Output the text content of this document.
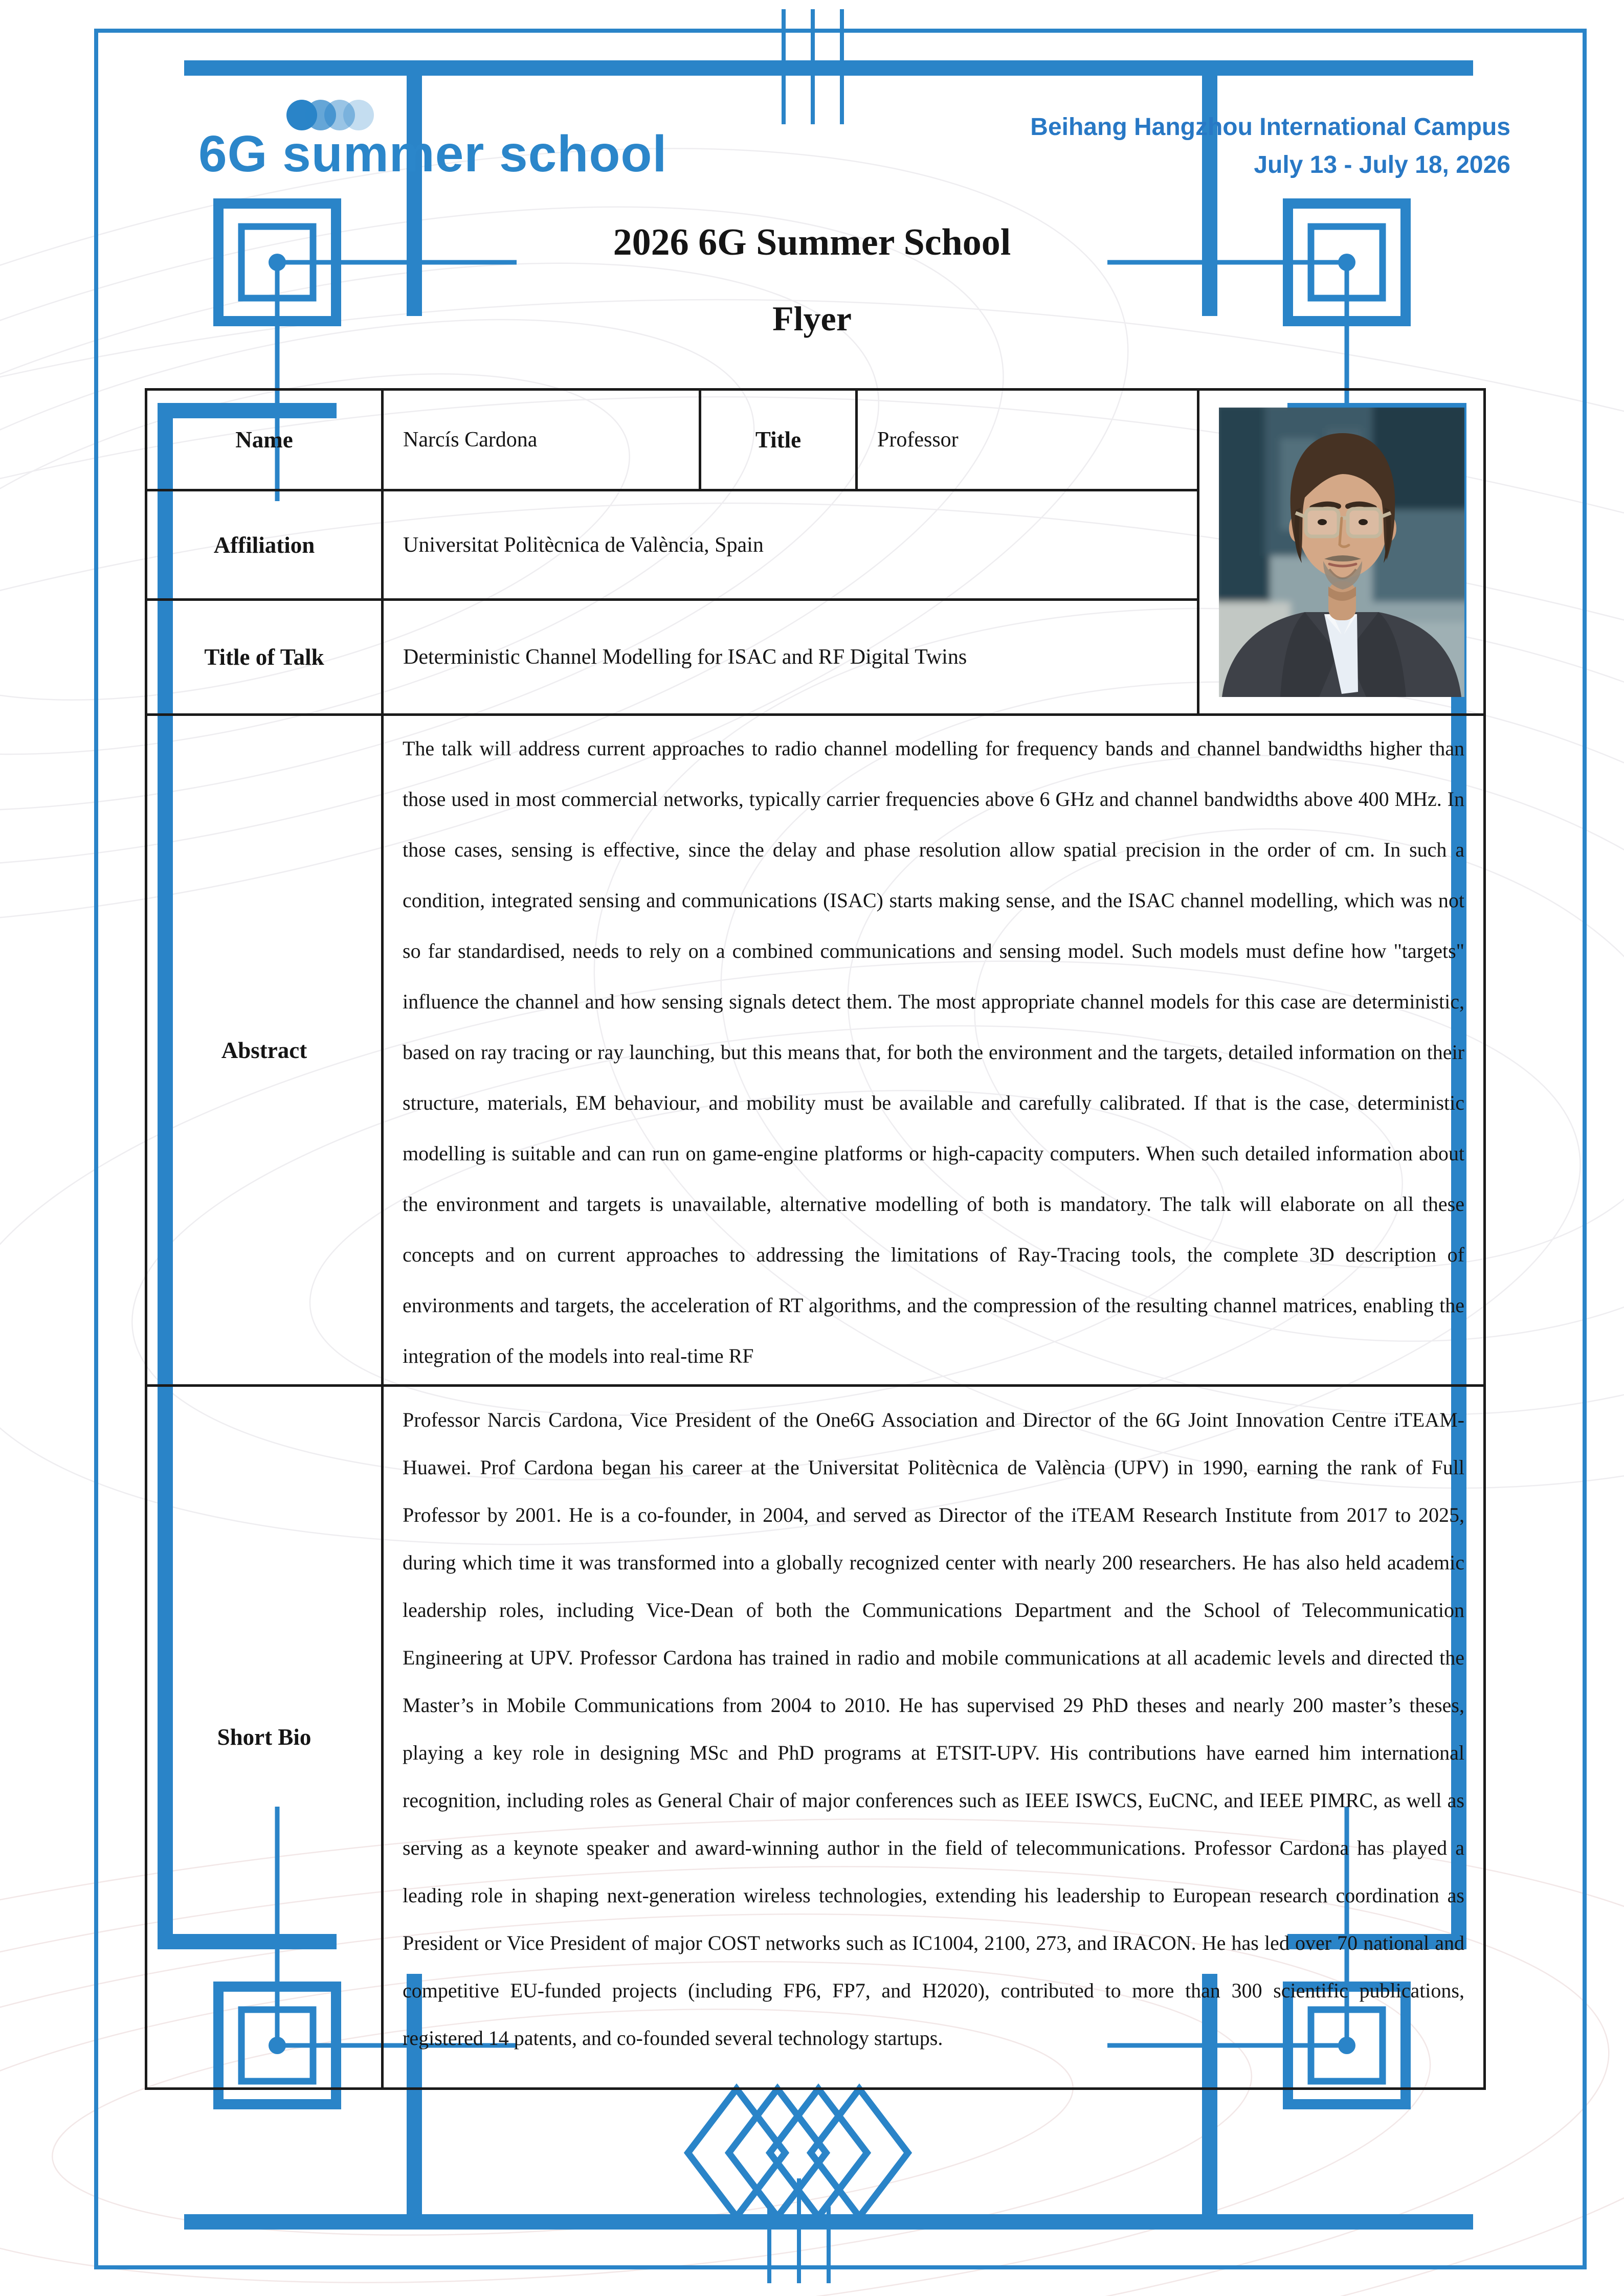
6G summer school	Beihang Hangzhou International Campus
July 13 - July 18, 2026
2026 6G Summer School
Flyer
Name	Narcís Cardona	Title	Professor	

Affiliation	Universitat Politècnica de València, Spain			
Title of Talk	Deterministic Channel Modelling for ISAC and RF Digital Twins			
Abstract	The talk will address current approaches to radio channel modelling for frequency bands and channel bandwidths higher than those used in most commercial networks, typically carrier frequencies above 6 GHz and channel bandwidths above 400 MHz. In those cases, sensing is effective, since the delay and phase resolution allow spatial precision in the order of cm. In such a condition, integrated sensing and communications (ISAC) starts making sense, and the ISAC channel modelling, which was not so far standardised, needs to rely on a combined communications and sensing model. Such models must define how "targets" influence the channel and how sensing signals detect them. The most appropriate channel models for this case are deterministic, based on ray tracing or ray launching, but this means that, for both the environment and the targets, detailed information on their structure, materials, EM behaviour, and mobility must be available and carefully calibrated. If that is the case, deterministic modelling is suitable and can run on game-engine platforms or high-capacity computers. When such detailed information about the environment and targets is unavailable, alternative modelling of both is mandatory. The talk will elaborate on all these concepts and on current approaches to addressing the limitations of Ray-Tracing tools, the complete 3D description of environments and targets, the acceleration of RT algorithms, and the compression of the resulting channel matrices, enabling the integration of the models into real-time RF			

Short Bio	Professor Narcis Cardona, Vice President of the One6G Association and Director of the 6G Joint Innovation Centre iTEAM-Huawei. Prof Cardona began his career at the Universitat Politècnica de València (UPV) in 1990, earning the rank of Full Professor by 2001. He is a co-founder, in 2004, and served as Director of the iTEAM Research Institute from 2017 to 2025, during which time it was transformed into a globally recognized center with nearly 200 researchers. He has also held academic leadership roles, including Vice-Dean of both the Communications Department and the School of Telecommunication Engineering at UPV. Professor Cardona has trained in radio and mobile communications at all academic levels and directed the Master’s in Mobile Communications from 2004 to 2010. He has supervised 29 PhD theses and nearly 200 master’s theses, playing a key role in designing MSc and PhD programs at ETSIT-UPV. His contributions have earned him international recognition, including roles as General Chair of major conferences such as IEEE ISWCS, EuCNC, and IEEE PIMRC, as well as serving as a keynote speaker and award-winning author in the field of telecommunications. Professor Cardona has played a leading role in shaping next-generation wireless technologies, extending his leadership to European research coordination as President or Vice President of major COST networks such as IC1004, 2100, 273, and IRACON. He has led over 70 national and competitive EU-funded projects (including FP6, FP7, and H2020), contributed to more than 300 scientific publications, registered 14 patents, and co-founded several technology startups.			
